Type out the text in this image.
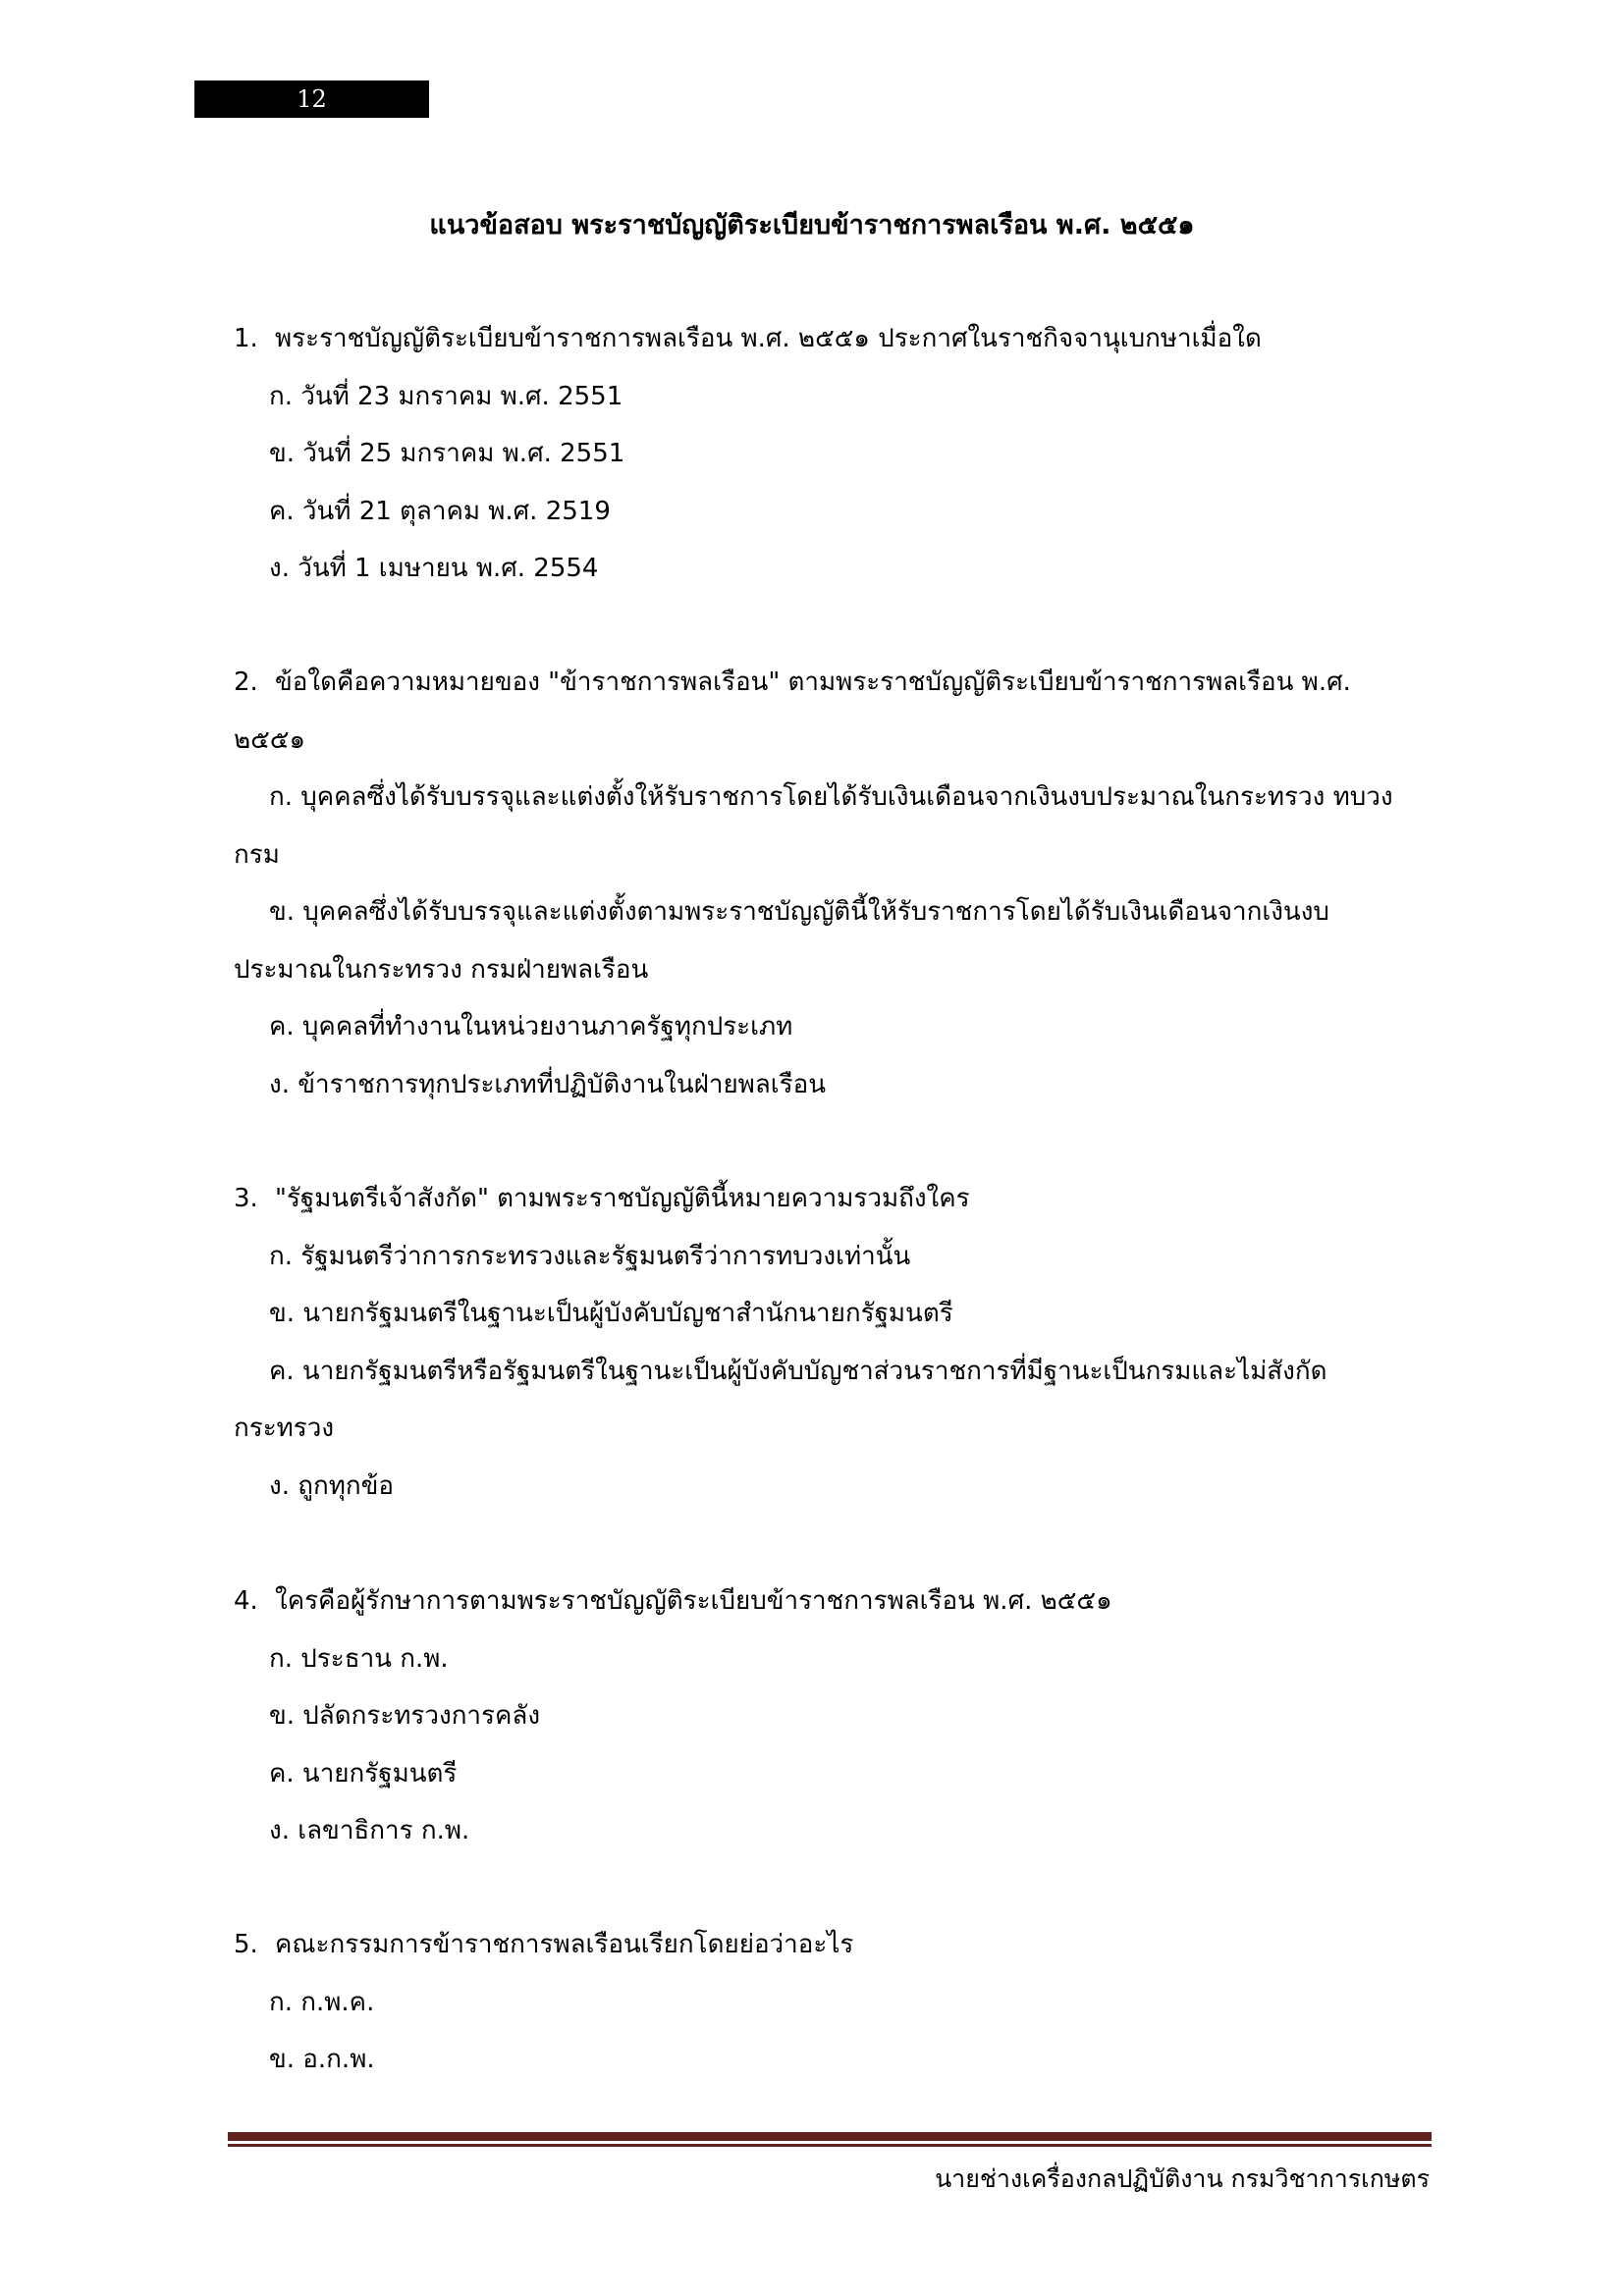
12
แนวข้อสอบ พระราชบัญญัติระเบียบข้าราชการพลเรือน พ.ศ. ๒๕๕๑
1. พระราชบัญญัติระเบียบข้าราชการพลเรือน พ.ศ. ๒๕๕๑ ประกาศในราชกิจจานุเบกษาเมื่อใด
ก. วันที่ 23 มกราคม พ.ศ. 2551
ข. วันที่ 25 มกราคม พ.ศ. 2551
ค. วันที่ 21 ตุลาคม พ.ศ. 2519
ง. วันที่ 1 เมษายน พ.ศ. 2554
2. ข้อใดคือความหมายของ "ข้าราชการพลเรือน" ตามพระราชบัญญัติระเบียบข้าราชการพลเรือน พ.ศ. ๒๕๕๑
ก. บุคคลซึ่งได้รับบรรจุและแต่งตั้งให้รับราชการโดยได้รับเงินเดือนจากเงินงบประมาณในกระทรวง ทบวง กรม
ข. บุคคลซึ่งได้รับบรรจุและแต่งตั้งตามพระราชบัญญัตินี้ให้รับราชการโดยได้รับเงินเดือนจากเงินงบประมาณในกระทรวง กรมฝ่ายพลเรือน
ค. บุคคลที่ทำงานในหน่วยงานภาครัฐทุกประเภท
ง. ข้าราชการทุกประเภทที่ปฏิบัติงานในฝ่ายพลเรือน
3. "รัฐมนตรีเจ้าสังกัด" ตามพระราชบัญญัตินี้หมายความรวมถึงใคร
ก. รัฐมนตรีว่าการกระทรวงและรัฐมนตรีว่าการทบวงเท่านั้น
ข. นายกรัฐมนตรีในฐานะเป็นผู้บังคับบัญชาสำนักนายกรัฐมนตรี
ค. นายกรัฐมนตรีหรือรัฐมนตรีในฐานะเป็นผู้บังคับบัญชาส่วนราชการที่มีฐานะเป็นกรมและไม่สังกัดกระทรวง
ง. ถูกทุกข้อ
4. ใครคือผู้รักษาการตามพระราชบัญญัติระเบียบข้าราชการพลเรือน พ.ศ. ๒๕๕๑
ก. ประธาน ก.พ.
ข. ปลัดกระทรวงการคลัง
ค. นายกรัฐมนตรี
ง. เลขาธิการ ก.พ.
5. คณะกรรมการข้าราชการพลเรือนเรียกโดยย่อว่าอะไร
ก. ก.พ.ค.
ข. อ.ก.พ.
นายช่างเครื่องกลปฏิบัติงาน กรมวิชาการเกษตร
